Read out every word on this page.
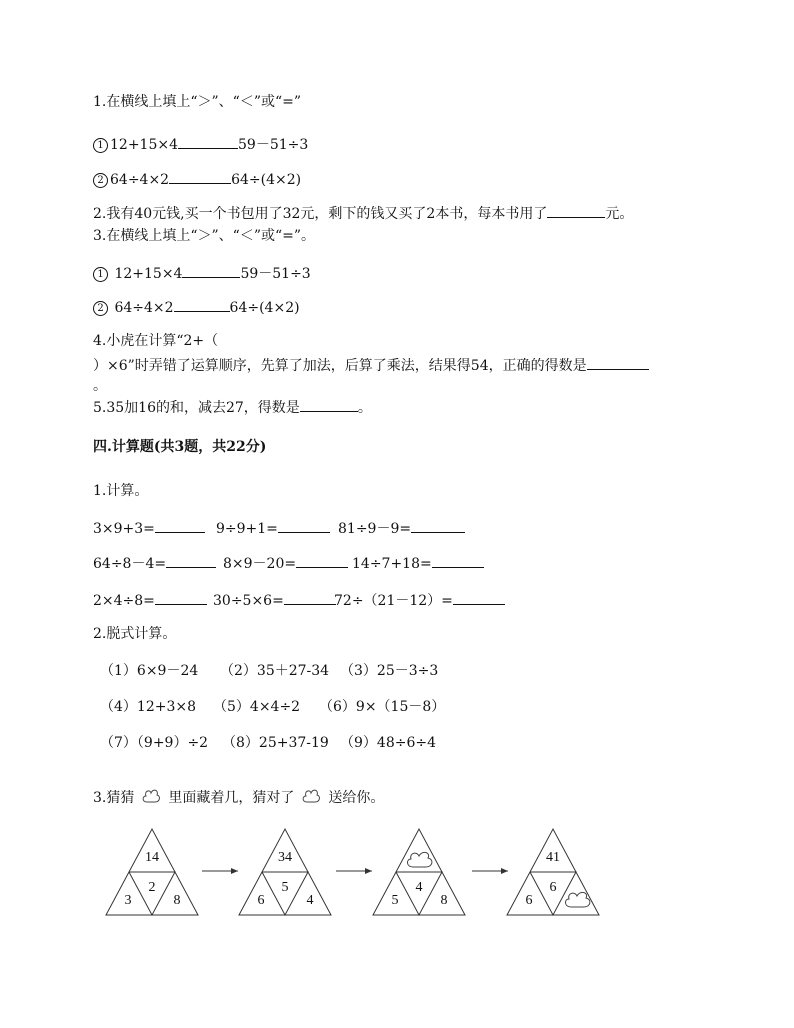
1.在横线上填上“＞”、“＜”或“=”
1 12+15×4	59－51÷3
2 64÷4×2	64÷(4×2)
2.我有40元钱,买一个书包用了32元，剩下的钱又买了2本书，每本书用了	元。
3.在横线上填上“＞”、“＜”或“=”。
1 12+15×4	59－51÷3
2 64÷4×2	64÷(4×2)
4.小虎在计算“2+（
）×6”时弄错了运算顺序，先算了加法，后算了乘法，结果得54，正确的得数是
。
5.35加16的和，减去27，得数是	。
四.计算题(共3题，共22分)
1.计算。
3×9+3=	9÷9+1=	81÷9－9=
64÷8－4=	8×9－20=	14÷7+18=
2×4÷8=	30÷5×6=	72÷（21－12）=
2.脱式计算。
（1）6×9－24 （2）35＋27-34 （3）25－3÷3
（4）12+3×8 （5）4×4÷2 （6）9×（15－8）
（7）（9+9）÷2 （8）25+37-19 （9）48÷6÷4
3.猜猜 里面藏着几，猜对了 送给你。
14
3
2
8
34
6
5
4	5
4
8
41
6
6
